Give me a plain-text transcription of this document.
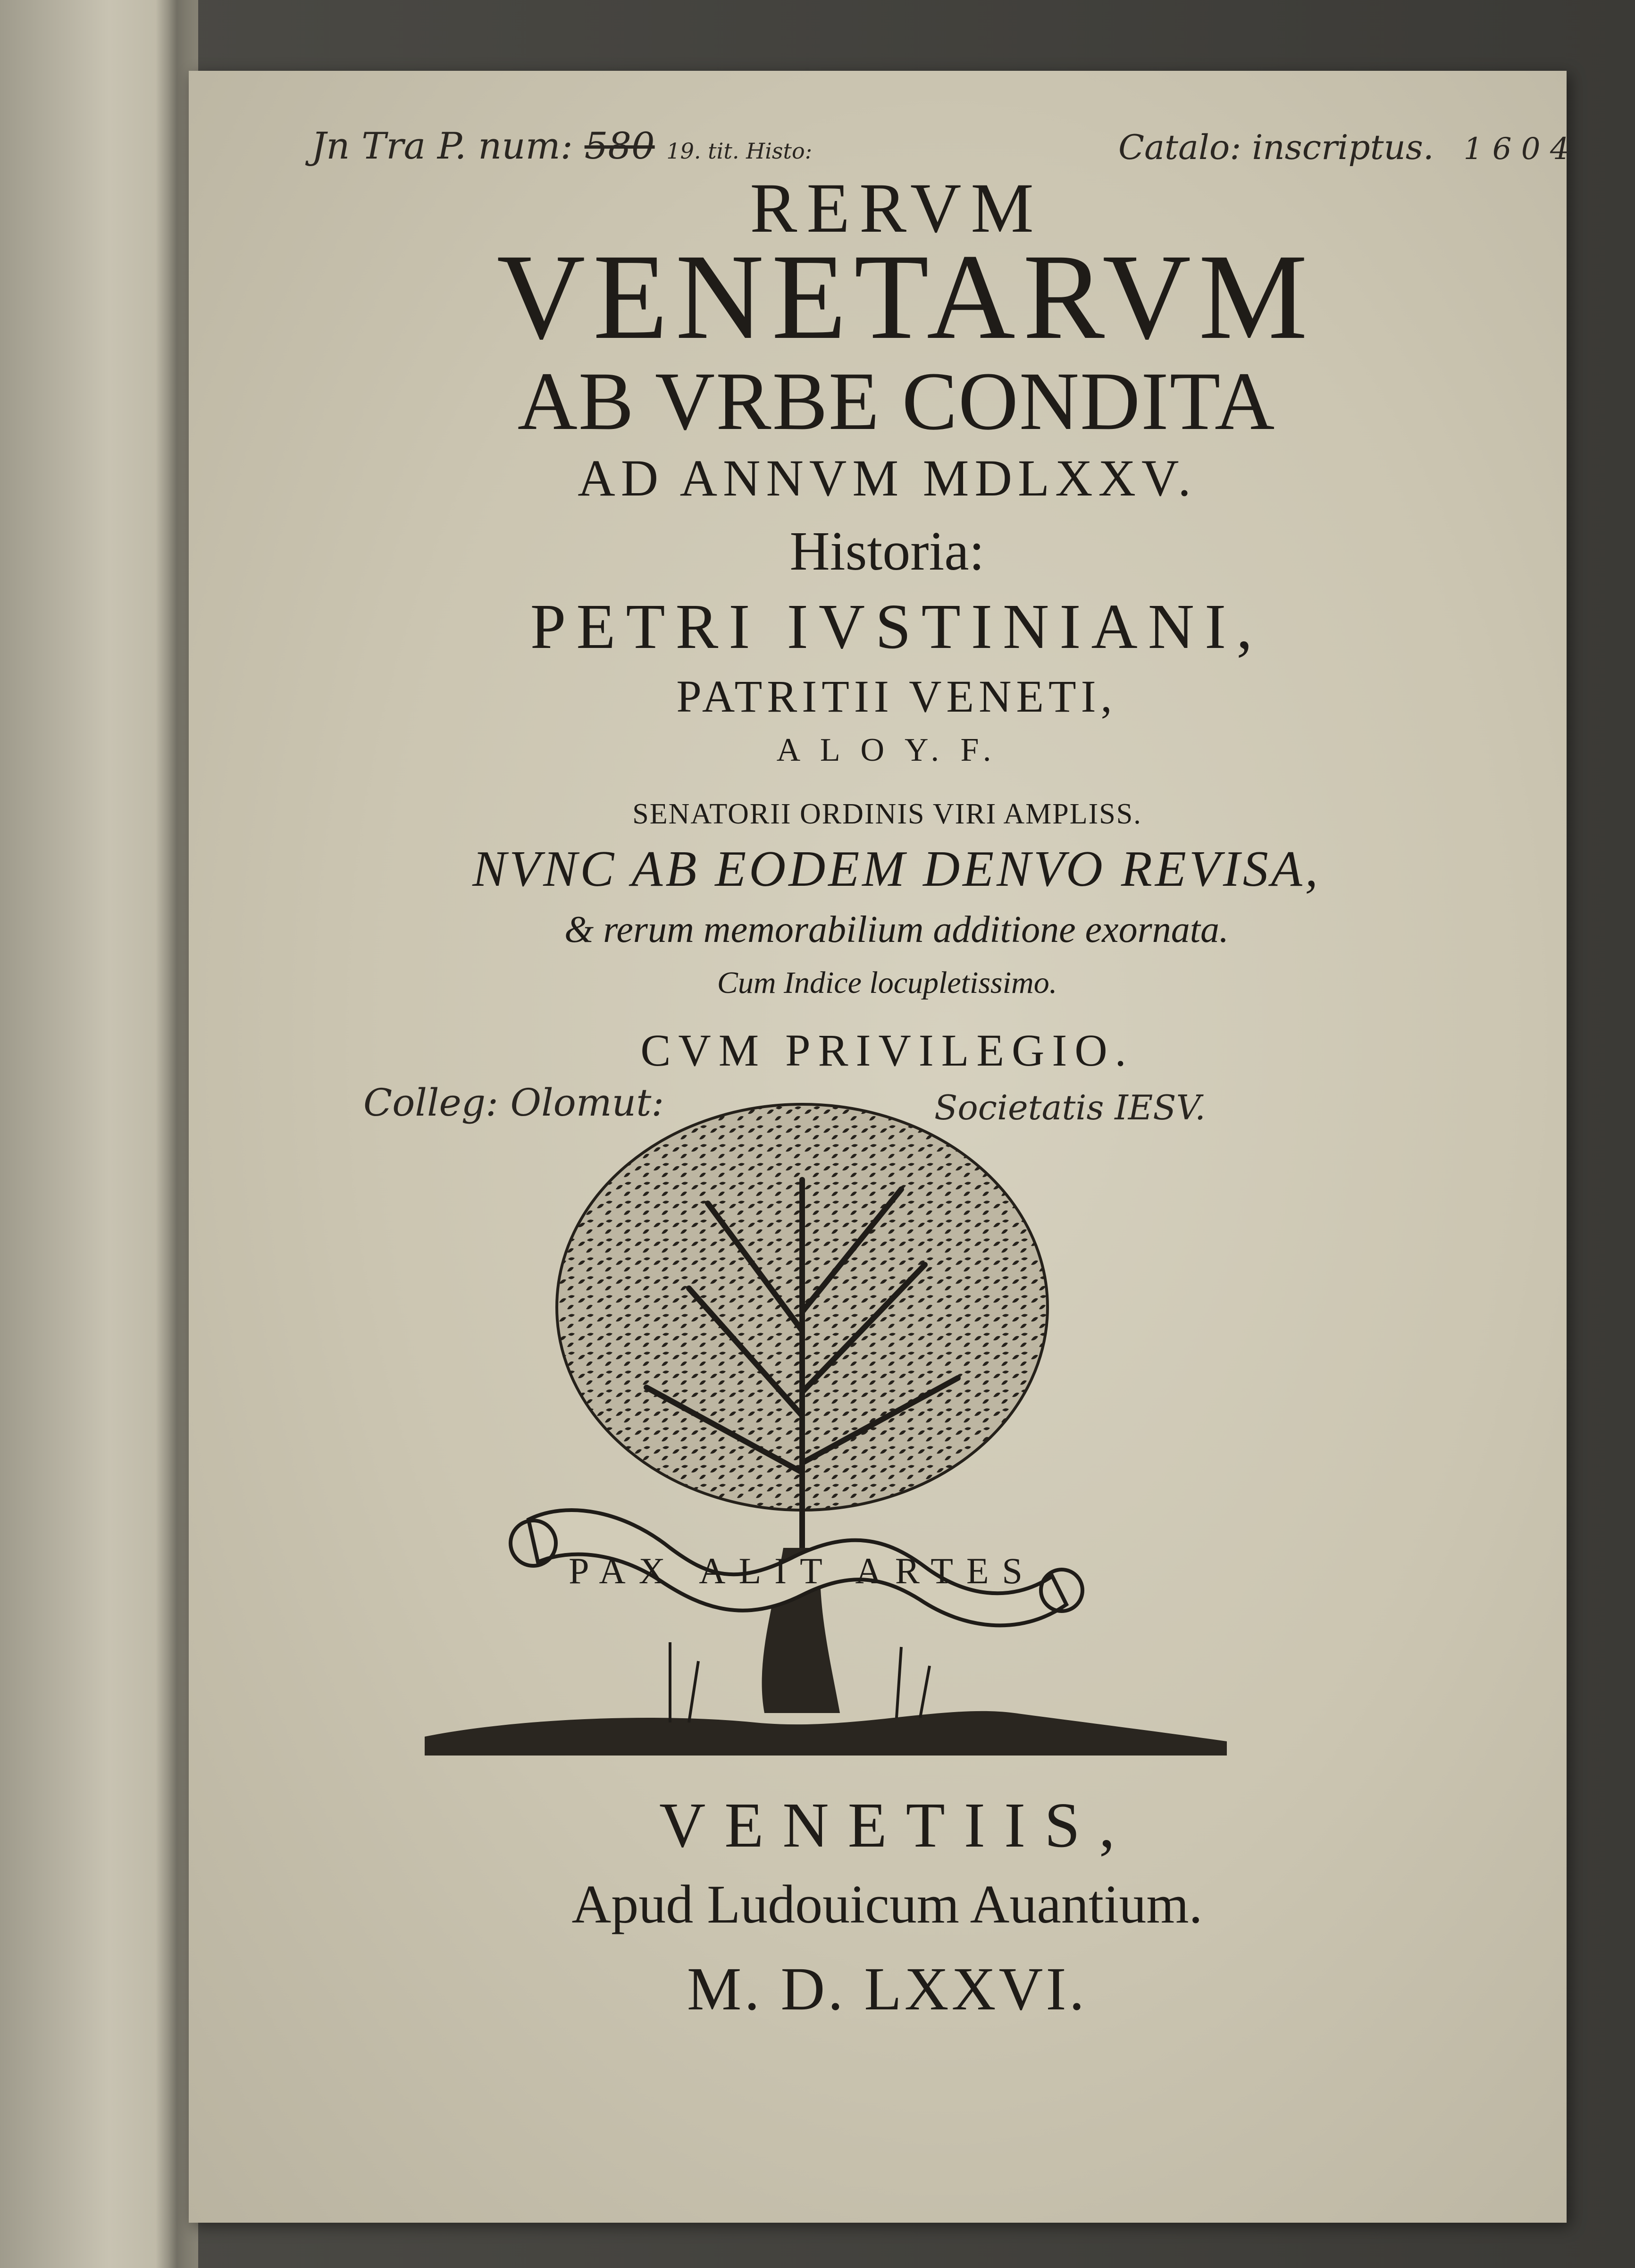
Jn Tra P. num: 580 19. tit. Histo:	Catalo: inscriptus. 1 6 0 4
RERVM
VENETARVM
AB VRBE CONDITA
AD ANNVM MDLXXV.
Historia:
PETRI IVSTINIANI,
PATRITII VENETI,
A L O Y. F.
SENATORII ORDINIS VIRI AMPLISS.
NVNC AB EODEM DENVO REVISA,
& rerum memorabilium additione exornata.
Cum Indice locupletissimo.
CVM PRIVILEGIO.
Colleg: Olomut:	Societatis IESV.
PAX ALIT ARTES
VENETIIS,
Apud Ludouicum Auantium.
M. D. LXXVI.
